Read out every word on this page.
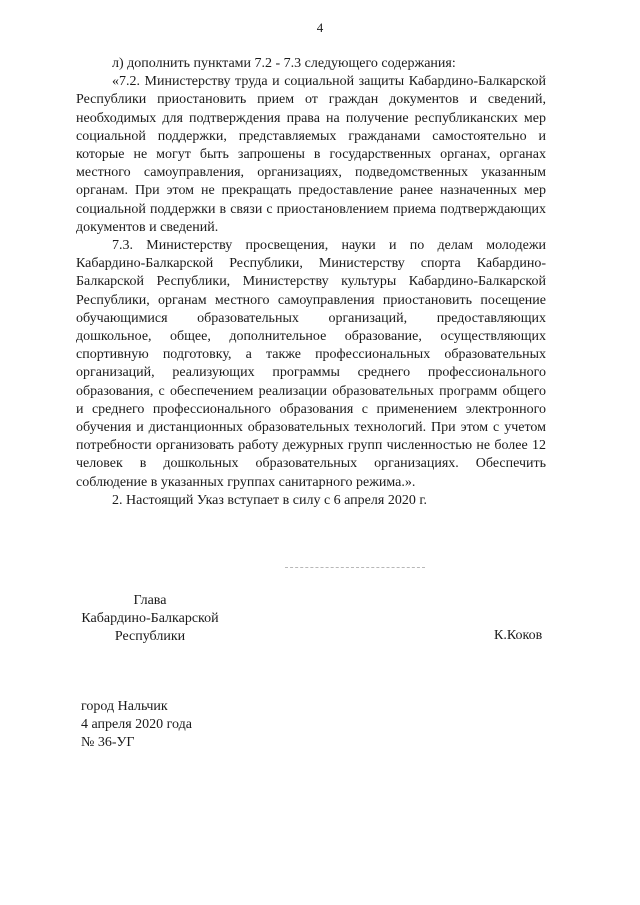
4

л) дополнить пунктами 7.2 - 7.3 следующего содержания:

«7.2. Министерству труда и социальной защиты Кабардино-Балкарской Республики приостановить прием от граждан документов и сведений, необходимых для подтверждения права на получение республиканских мер социальной поддержки, представляемых гражданами самостоятельно и которые не могут быть запрошены в государственных органах, органах местного самоуправления, организациях, подведомственных указанным органам. При этом не прекращать предоставление ранее назначенных мер социальной поддержки в связи с приостановлением приема подтверждающих документов и сведений.

7.3. Министерству просвещения, науки и по делам молодежи Кабардино-Балкарской Республики, Министерству спорта Кабардино-Балкарской Республики, Министерству культуры Кабардино-Балкарской Республики, органам местного самоуправления приостановить посещение обучающимися образовательных организаций, предоставляющих дошкольное, общее, дополнительное образование, осуществляющих спортивную подготовку, а также профессиональных образовательных организаций, реализующих программы среднего профессионального образования, с обеспечением реализации образовательных программ общего и среднего профессионального образования с применением электронного обучения и дистанционных образовательных технологий. При этом с учетом потребности организовать работу дежурных групп численностью не более 12 человек в дошкольных образовательных организациях. Обеспечить соблюдение в указанных группах санитарного режима.».

2. Настоящий Указ вступает в силу с 6 апреля 2020 г.

Глава
Кабардино-Балкарской
Республики	К.Коков
город Нальчик
4 апреля 2020 года
№ 36-УГ
